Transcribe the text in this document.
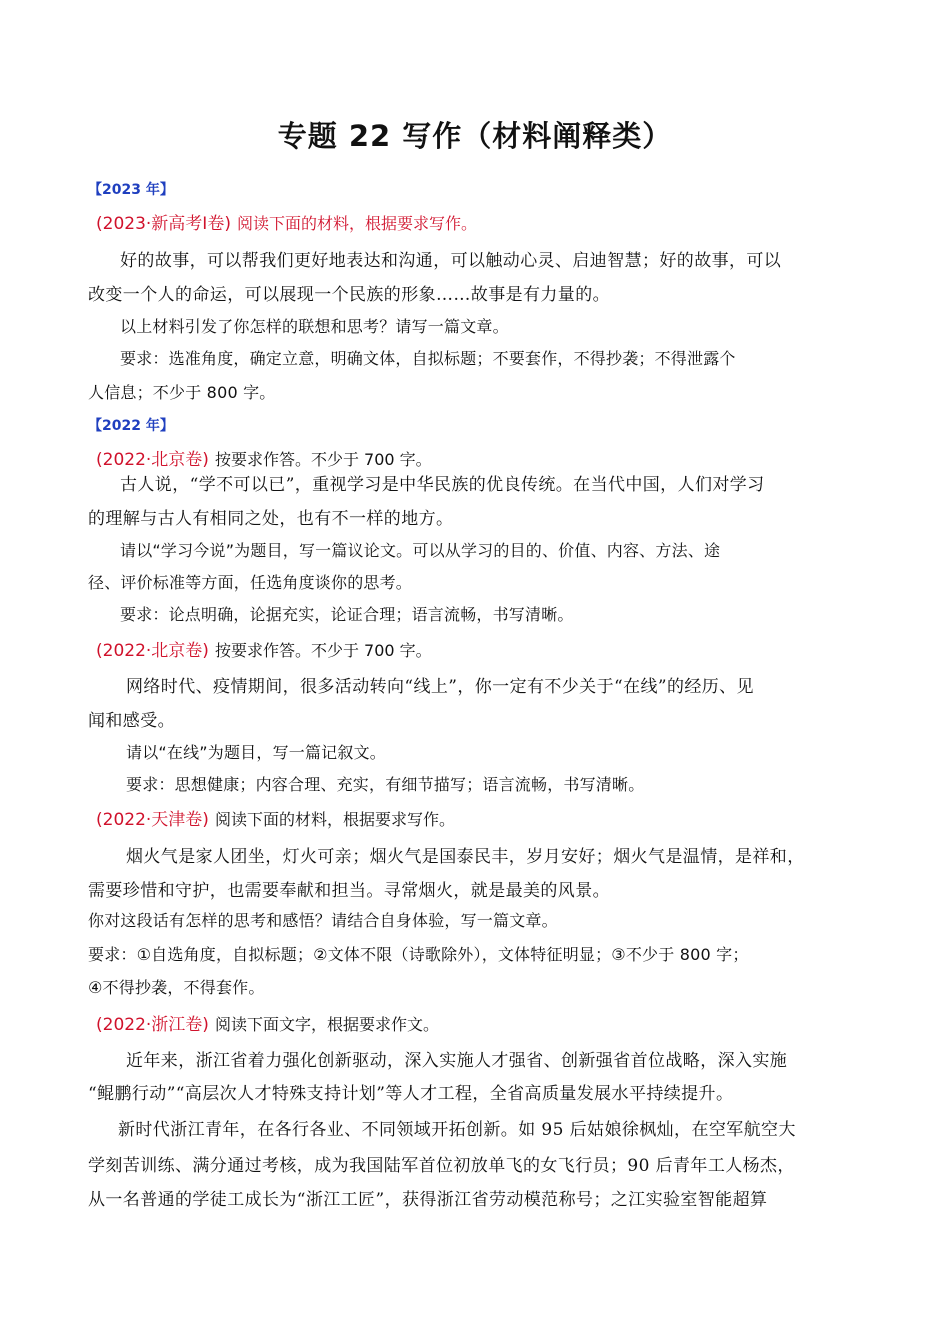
专题 22 写作（材料阐释类）
【2023 年】
(2023·新高考Ⅰ卷) 阅读下面的材料，根据要求写作。
好的故事，可以帮我们更好地表达和沟通，可以触动心灵、启迪智慧；好的故事，可以
改变一个人的命运，可以展现一个民族的形象……故事是有力量的。
以上材料引发了你怎样的联想和思考？请写一篇文章。
要求：选准角度，确定立意，明确文体，自拟标题；不要套作，不得抄袭；不得泄露个
人信息；不少于 800 字。
【2022 年】
(2022·北京卷) 按要求作答。不少于 700 字。
古人说，“学不可以已”，重视学习是中华民族的优良传统。在当代中国，人们对学习
的理解与古人有相同之处，也有不一样的地方。
请以“学习今说”为题目，写一篇议论文。可以从学习的目的、价值、内容、方法、途
径、评价标准等方面，任选角度谈你的思考。
要求：论点明确，论据充实，论证合理；语言流畅，书写清晰。
(2022·北京卷) 按要求作答。不少于 700 字。
网络时代、疫情期间，很多活动转向“线上”，你一定有不少关于“在线”的经历、见
闻和感受。
请以“在线”为题目，写一篇记叙文。
要求：思想健康；内容合理、充实，有细节描写；语言流畅，书写清晰。
(2022·天津卷) 阅读下面的材料，根据要求写作。
烟火气是家人团坐，灯火可亲；烟火气是国泰民丰，岁月安好；烟火气是温情，是祥和，
需要珍惜和守护，也需要奉献和担当。寻常烟火，就是最美的风景。
你对这段话有怎样的思考和感悟？请结合自身体验，写一篇文章。
要求：①自选角度，自拟标题；②文体不限（诗歌除外），文体特征明显；③不少于 800 字；
④不得抄袭，不得套作。
(2022·浙江卷) 阅读下面文字，根据要求作文。
近年来，浙江省着力强化创新驱动，深入实施人才强省、创新强省首位战略，深入实施
“鲲鹏行动”“高层次人才特殊支持计划”等人才工程，全省高质量发展水平持续提升。
新时代浙江青年，在各行各业、不同领域开拓创新。如 95 后姑娘徐枫灿，在空军航空大
学刻苦训练、满分通过考核，成为我国陆军首位初放单飞的女飞行员；90 后青年工人杨杰，
从一名普通的学徒工成长为“浙江工匠”，获得浙江省劳动模范称号；之江实验室智能超算
